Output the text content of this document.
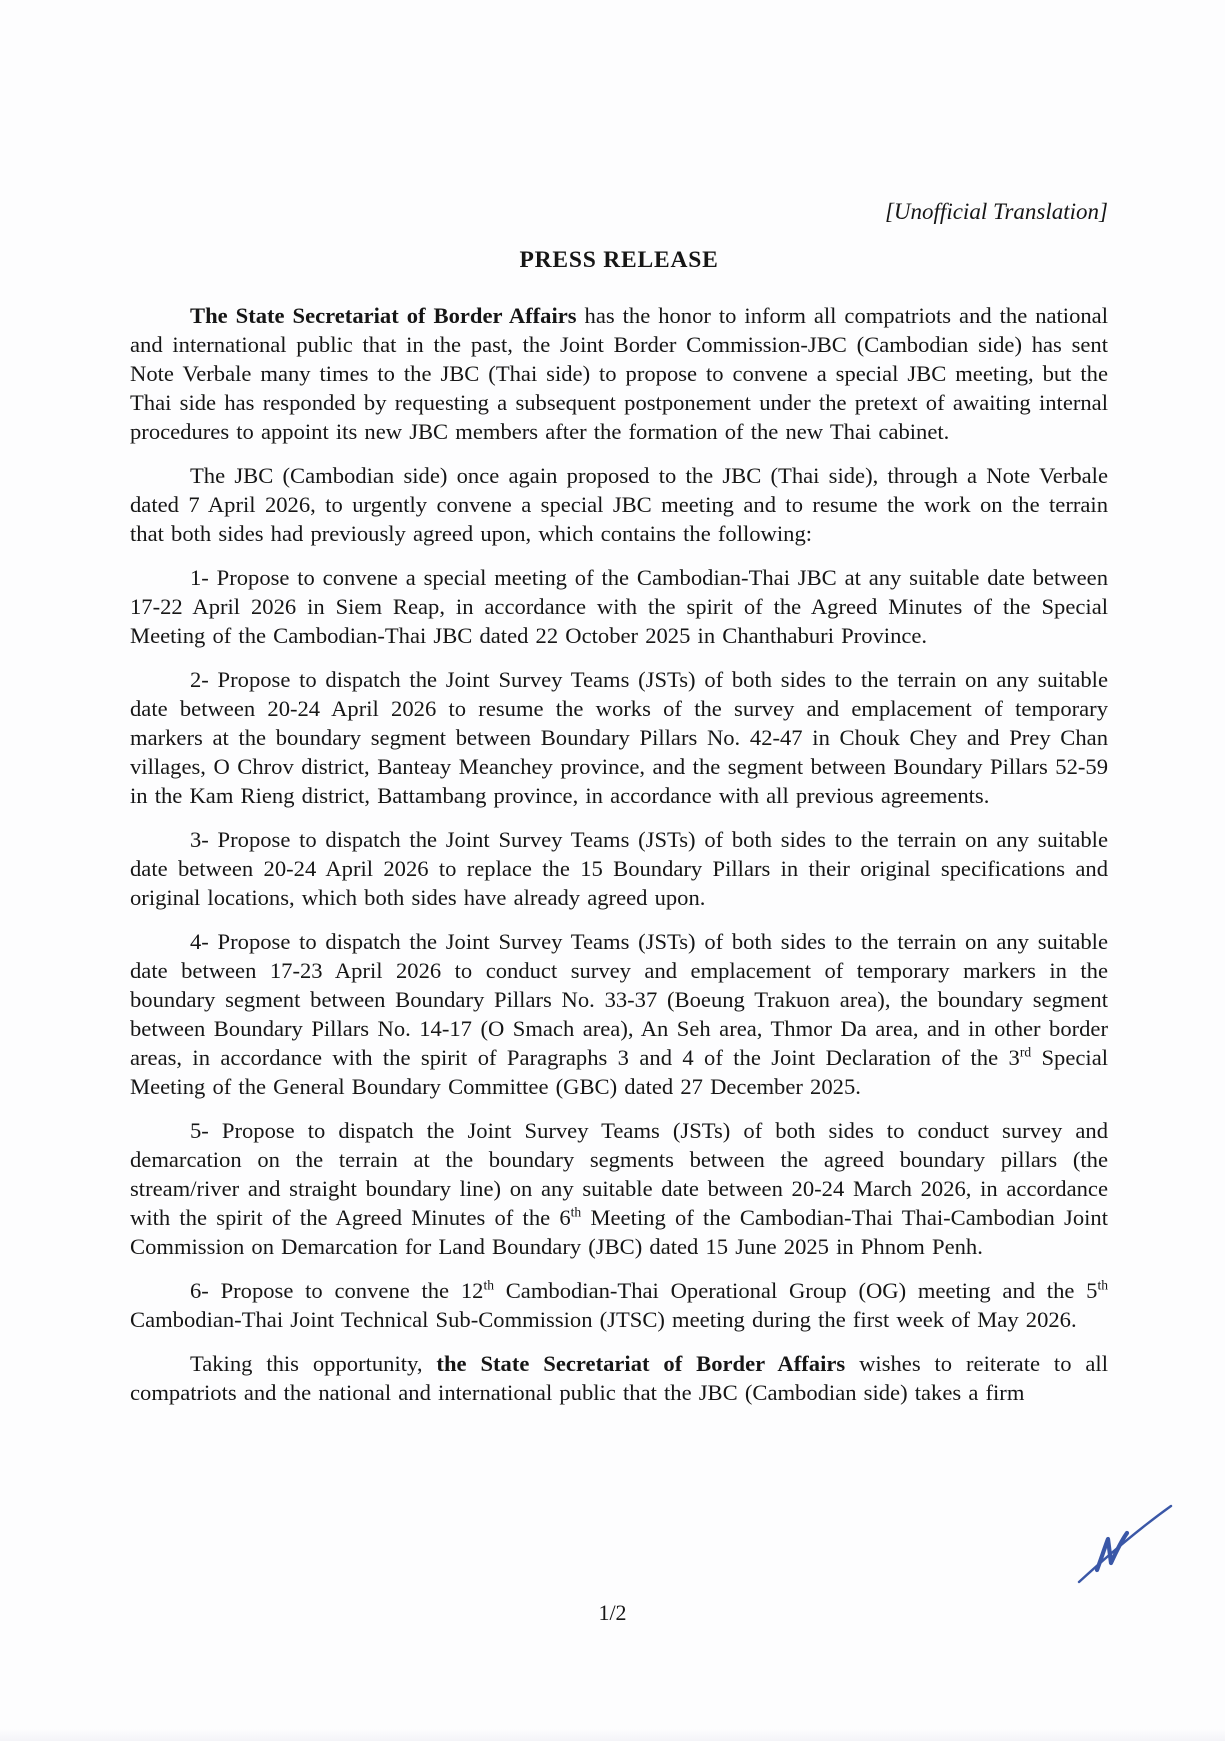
[Unofficial Translation]
PRESS RELEASE

The State Secretariat of Border Affairs has the honor to inform all compatriots and the national and international public that in the past, the Joint Border Commission-JBC (Cambodian side) has sent Note Verbale many times to the JBC (Thai side) to propose to convene a special JBC meeting, but the Thai side has responded by requesting a subsequent postponement under the pretext of awaiting internal procedures to appoint its new JBC members after the formation of the new Thai cabinet.

The JBC (Cambodian side) once again proposed to the JBC (Thai side), through a Note Verbale dated 7 April 2026, to urgently convene a special JBC meeting and to resume the work on the terrain that both sides had previously agreed upon, which contains the following:

1- Propose to convene a special meeting of the Cambodian-Thai JBC at any suitable date between 17-22 April 2026 in Siem Reap, in accordance with the spirit of the Agreed Minutes of the Special Meeting of the Cambodian-Thai JBC dated 22 October 2025 in Chanthaburi Province.

2- Propose to dispatch the Joint Survey Teams (JSTs) of both sides to the terrain on any suitable date between 20-24 April 2026 to resume the works of the survey and emplacement of temporary markers at the boundary segment between Boundary Pillars No. 42-47 in Chouk Chey and Prey Chan villages, O Chrov district, Banteay Meanchey province, and the segment between Boundary Pillars 52-59 in the Kam Rieng district, Battambang province, in accordance with all previous agreements.

3- Propose to dispatch the Joint Survey Teams (JSTs) of both sides to the terrain on any suitable date between 20-24 April 2026 to replace the 15 Boundary Pillars in their original specifications and original locations, which both sides have already agreed upon.

4- Propose to dispatch the Joint Survey Teams (JSTs) of both sides to the terrain on any suitable date between 17-23 April 2026 to conduct survey and emplacement of temporary markers in the boundary segment between Boundary Pillars No. 33-37 (Boeung Trakuon area), the boundary segment between Boundary Pillars No. 14-17 (O Smach area), An Seh area, Thmor Da area, and in other border areas, in accordance with the spirit of Paragraphs 3 and 4 of the Joint Declaration of the 3rd Special Meeting of the General Boundary Committee (GBC) dated 27 December 2025.

5- Propose to dispatch the Joint Survey Teams (JSTs) of both sides to conduct survey and demarcation on the terrain at the boundary segments between the agreed boundary pillars (the stream/river and straight boundary line) on any suitable date between 20-24 March 2026, in accordance with the spirit of the Agreed Minutes of the 6th Meeting of the Cambodian-Thai Thai-Cambodian Joint Commission on Demarcation for Land Boundary (JBC) dated 15 June 2025 in Phnom Penh.

6- Propose to convene the 12th Cambodian-Thai Operational Group (OG) meeting and the 5th Cambodian-Thai Joint Technical Sub-Commission (JTSC) meeting during the first week of May 2026.

Taking this opportunity, the State Secretariat of Border Affairs wishes to reiterate to all compatriots and the national and international public that the JBC (Cambodian side) takes a firm

1/2
